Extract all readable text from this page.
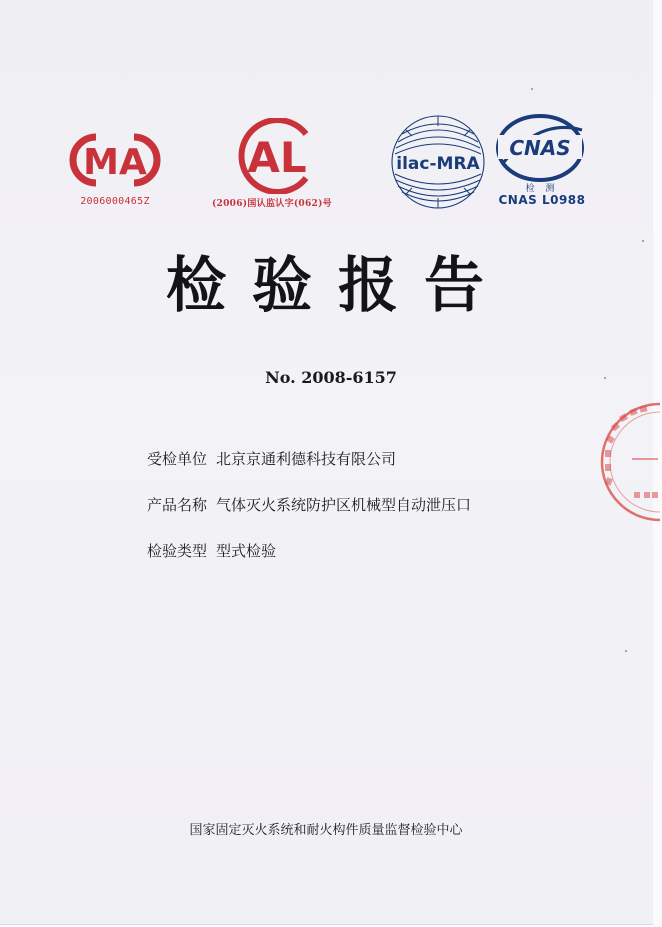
MA
2006000465Z
AL
(2006)国认监认字(062)号
ilac-MRA
CNAS
检 测
CNAS L0988
检验报告
No. 2008-6157
受检单位 北京京通利德科技有限公司
产品名称 气体灭火系统防护区机械型自动泄压口
检验类型 型式检验
国家固定灭火系统和耐火构件质量监督检验中心
